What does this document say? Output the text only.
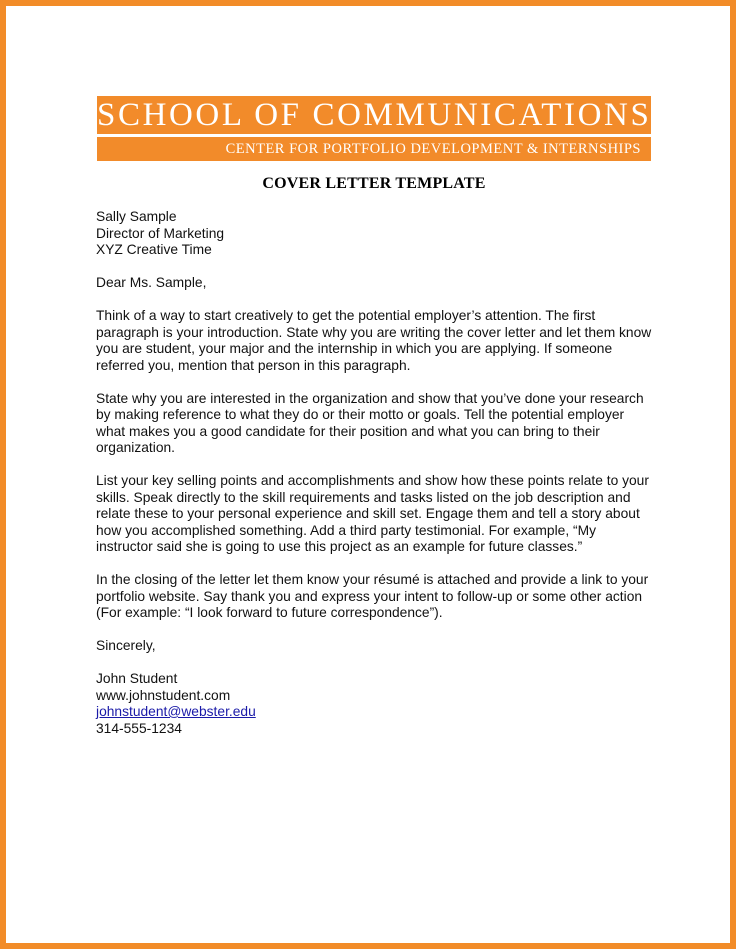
SCHOOL OF COMMUNICATIONS
CENTER FOR PORTFOLIO DEVELOPMENT & INTERNSHIPS
COVER LETTER TEMPLATE

Sally Sample

Director of Marketing

XYZ Creative Time

Dear Ms. Sample,

Think of a way to start creatively to get the potential employer’s attention. The first paragraph is your introduction. State why you are writing the cover letter and let them know you are student, your major and the internship in which you are applying. If someone referred you, mention that person in this paragraph.

State why you are interested in the organization and show that you’ve done your research by making reference to what they do or their motto or goals. Tell the potential employer what makes you a good candidate for their position and what you can bring to their organization.

List your key selling points and accomplishments and show how these points relate to your skills. Speak directly to the skill requirements and tasks listed on the job description and relate these to your personal experience and skill set. Engage them and tell a story about how you accomplished something. Add a third party testimonial. For example, “My instructor said she is going to use this project as an example for future classes.”

In the closing of the letter let them know your résumé is attached and provide a link to your portfolio website. Say thank you and express your intent to follow-up or some other action (For example: “I look forward to future correspondence”).

Sincerely,

John Student

www.johnstudent.com

johnstudent@webster.edu

314-555-1234
